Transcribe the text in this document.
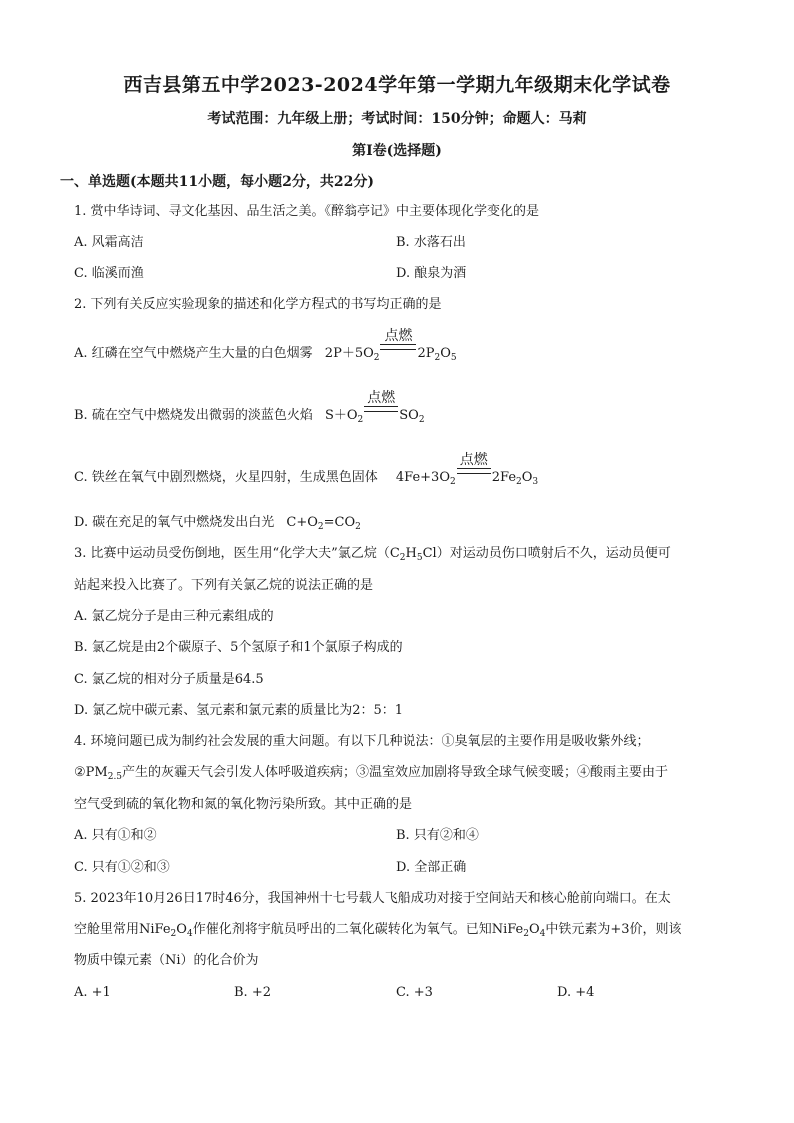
西吉县第五中学2023-2024学年第一学期九年级期末化学试卷
考试范围：九年级上册；考试时间：150分钟；命题人：马莉
第I卷(选择题)
一、单选题(本题共11小题，每小题2分，共22分)
1. 赏中华诗词、寻文化基因、品生活之美。《醉翁亭记》中主要体现化学变化的是
A. 风霜高洁	B. 水落石出
C. 临溪而渔	D. 酿泉为酒
2. 下列有关反应实验现象的描述和化学方程式的书写均正确的是
A. 红磷在空气中燃烧产生大量的白色烟雾 $2P+5O_2$
点燃
$2P_2O_5$
B. 硫在空气中燃烧发出微弱的淡蓝色火焰 $S+O_2$
点燃
$SO_2$
C. 铁丝在氧气中剧烈燃烧，火星四射，生成黑色固体 $4Fe+3O_2$
点燃
$2Fe_2O_3$
D. 碳在充足的氧气中燃烧发出白光 $C+O_2=CO_2$
3. 比赛中运动员受伤倒地，医生用“化学大夫”氯乙烷$(C_2H_5Cl)$对运动员伤口喷射后不久，运动员便可
站起来投入比赛了。下列有关氯乙烷的说法正确的是
A. 氯乙烷分子是由三种元素组成的
B. 氯乙烷是由2个碳原子、5个氢原子和1个氯原子构成的
C. 氯乙烷的相对分子质量是64.5
D. 氯乙烷中碳元素、氢元素和氯元素的质量比为2：5：1
4. 环境问题已成为制约社会发展的重大问题。有以下几种说法：①臭氧层的主要作用是吸收紫外线；
$②PM_{2.5}$产生的灰霾天气会引发人体呼吸道疾病；③温室效应加剧将导致全球气候变暖；④酸雨主要由于
空气受到硫的氧化物和氮的氧化物污染所致。其中正确的是
A. 只有①和②	B. 只有②和④
C. 只有①②和③	D. 全部正确
5. 2023年10月26日17时46分，我国神州十七号载人飞船成功对接于空间站天和核心舱前向端口。在太
空舱里常用$NiFe_2O_4$作催化剂将宇航员呼出的二氧化碳转化为氧气。已知$NiFe_2O_4$中铁元素为+3价，则该
物质中镍元素（Ni）的化合价为
A. +1	B. +2	C. +3	D. +4
